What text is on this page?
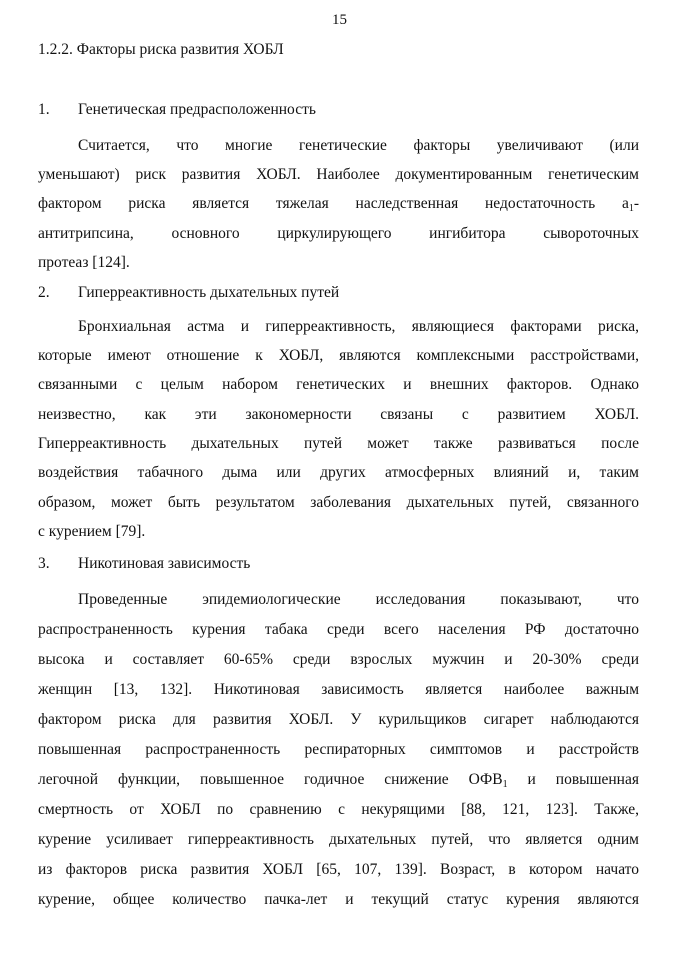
15
1.2.2. Факторы риска развития ХОБЛ
1. Генетическая предрасположенность
Считается, что многие генетические факторы увеличивают (или
уменьшают) риск развития ХОБЛ. Наиболее документированным генетическим
фактором риска является тяжелая наследственная недостаточность $a_1-$
антитрипсина, основного циркулирующего ингибитора сывороточных
протеаз [124].
2. Гиперреактивность дыхательных путей
Бронхиальная астма и гиперреактивность, являющиеся факторами риска,
которые имеют отношение к ХОБЛ, являются комплексными расстройствами,
связанными с целым набором генетических и внешних факторов. Однако
неизвестно, как эти закономерности связаны с развитием ХОБЛ.
Гиперреактивность дыхательных путей может также развиваться после
воздействия табачного дыма или других атмосферных влияний и, таким
образом, может быть результатом заболевания дыхательных путей, связанного
с курением [79].
3. Никотиновая зависимость
Проведенные эпидемиологические исследования показывают, что
распространенность курения табака среди всего населения РФ достаточно
высока и составляет 60-65% среди взрослых мужчин и 20-30% среди
женщин [13, 132]. Никотиновая зависимость является наиболее важным
фактором риска для развития ХОБЛ. У курильщиков сигарет наблюдаются
повышенная распространенность респираторных симптомов и расстройств
легочной функции, повышенное годичное снижение $ОФВ_1$ и повышенная
смертность от ХОБЛ по сравнению с некурящими [88, 121, 123]. Также,
курение усиливает гиперреактивность дыхательных путей, что является одним
из факторов риска развития ХОБЛ [65, 107, 139]. Возраст, в котором начато
курение, общее количество пачка-лет и текущий статус курения являются
